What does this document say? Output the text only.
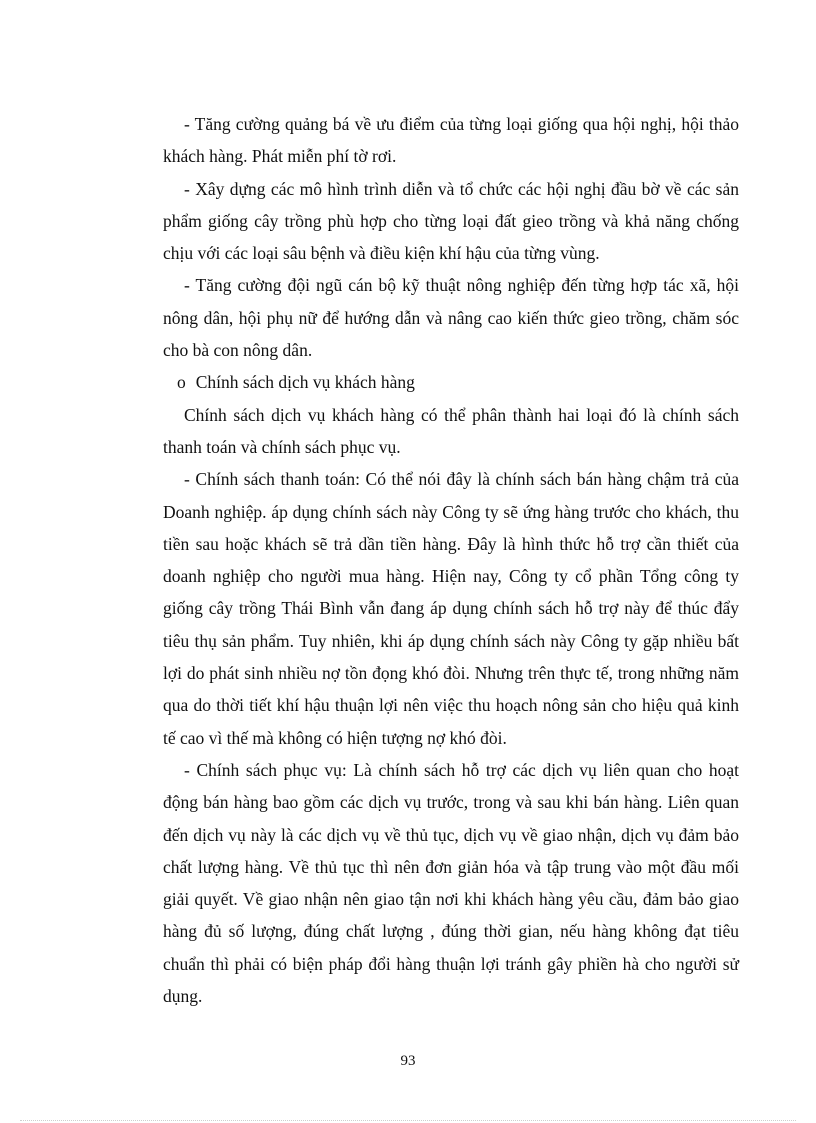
- Tăng cường quảng bá về ưu điểm của từng loại giống qua hội nghị, hội thảo khách hàng. Phát miễn phí tờ rơi.

- Xây dựng các mô hình trình diễn và tổ chức các hội nghị đầu bờ về các sản phẩm giống cây trồng phù hợp cho từng loại đất gieo trồng và khả năng chống chịu với các loại sâu bệnh và điều kiện khí hậu của từng vùng.

- Tăng cường đội ngũ cán bộ kỹ thuật nông nghiệp đến từng hợp tác xã, hội nông dân, hội phụ nữ để hướng dẫn và nâng cao kiến thức gieo trồng, chăm sóc cho bà con nông dân.

o Chính sách dịch vụ khách hàng

Chính sách dịch vụ khách hàng có thể phân thành hai loại đó là chính sách thanh toán và chính sách phục vụ.

- Chính sách thanh toán: Có thể nói đây là chính sách bán hàng chậm trả của Doanh nghiệp. áp dụng chính sách này Công ty sẽ ứng hàng trước cho khách, thu tiền sau hoặc khách sẽ trả dần tiền hàng. Đây là hình thức hỗ trợ cần thiết của doanh nghiệp cho người mua hàng. Hiện nay, Công ty cổ phần Tổng công ty giống cây trồng Thái Bình vẫn đang áp dụng chính sách hỗ trợ này để thúc đẩy tiêu thụ sản phẩm. Tuy nhiên, khi áp dụng chính sách này Công ty gặp nhiều bất lợi do phát sinh nhiều nợ tồn đọng khó đòi. Nhưng trên thực tế, trong những năm qua do thời tiết khí hậu thuận lợi nên việc thu hoạch nông sản cho hiệu quả kinh tế cao vì thế mà không có hiện tượng nợ khó đòi.

- Chính sách phục vụ: Là chính sách hỗ trợ các dịch vụ liên quan cho hoạt động bán hàng bao gồm các dịch vụ trước, trong và sau khi bán hàng. Liên quan đến dịch vụ này là các dịch vụ về thủ tục, dịch vụ về giao nhận, dịch vụ đảm bảo chất lượng hàng. Về thủ tục thì nên đơn giản hóa và tập trung vào một đầu mối giải quyết. Về giao nhận nên giao tận nơi khi khách hàng yêu cầu, đảm bảo giao hàng đủ số lượng, đúng chất lượng , đúng thời gian, nếu hàng không đạt tiêu chuẩn thì phải có biện pháp đổi hàng thuận lợi tránh gây phiền hà cho người sử dụng.

93
